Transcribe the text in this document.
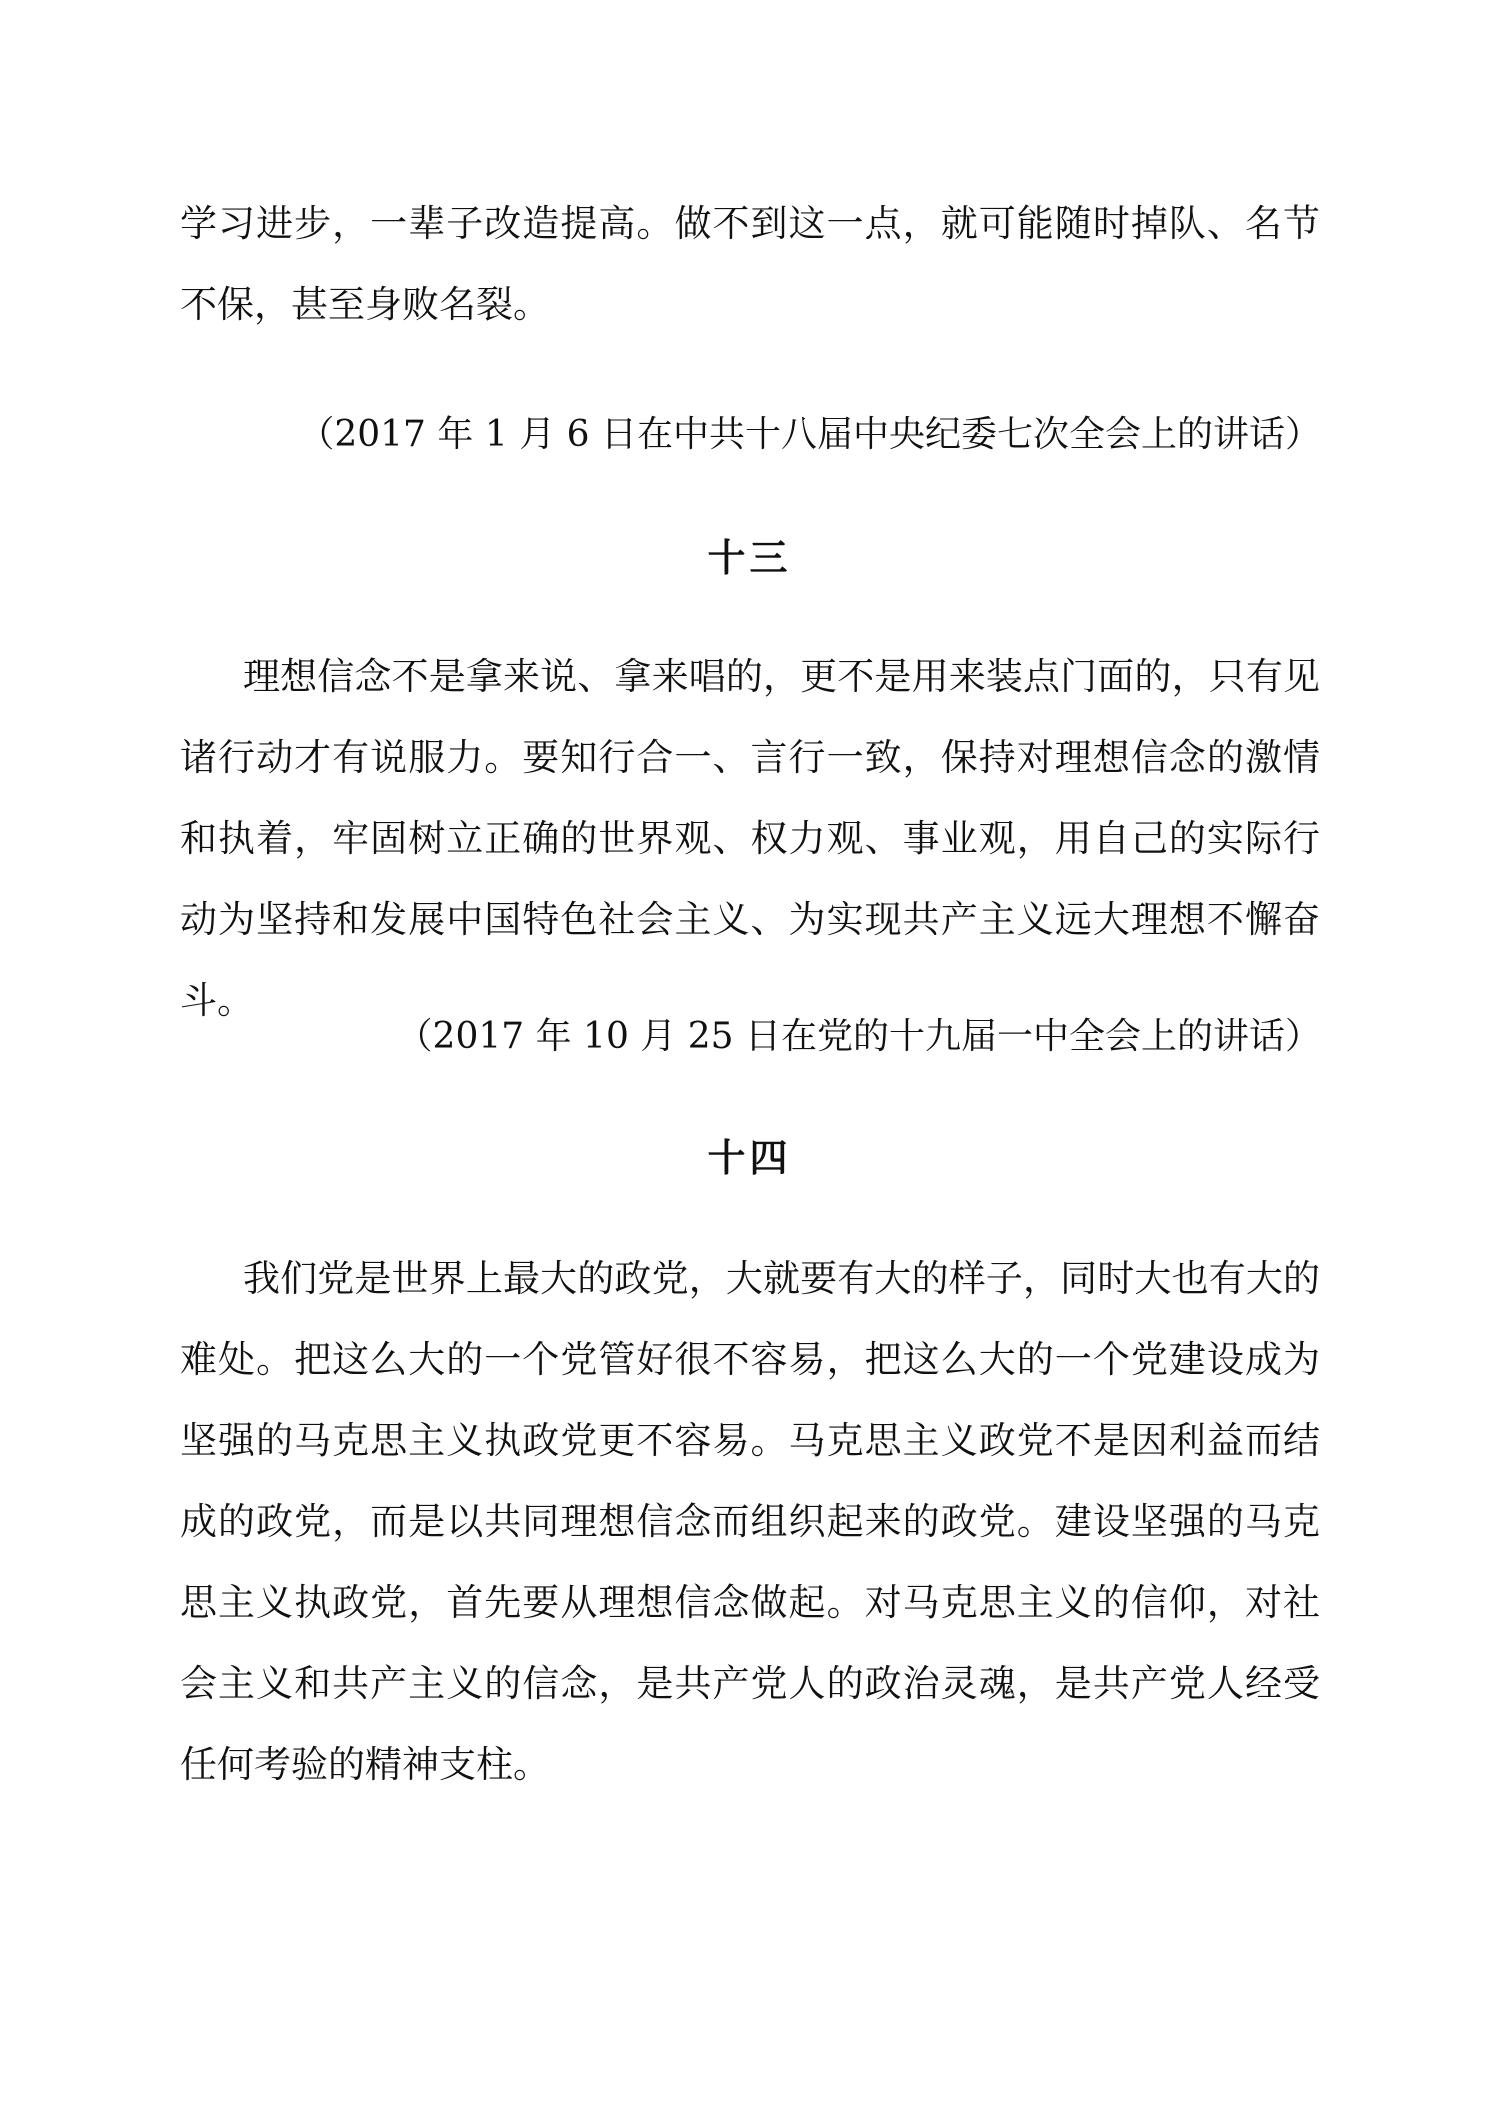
学习进步，一辈子改造提高。做不到这一点，就可能随时掉队、名节不保，甚至身败名裂。

（2017 年 1 月 6 日在中共十八届中央纪委七次全会上的讲话）
十三

理想信念不是拿来说、拿来唱的，更不是用来装点门面的，只有见诸行动才有说服力。要知行合一、言行一致，保持对理想信念的激情和执着，牢固树立正确的世界观、权力观、事业观，用自己的实际行动为坚持和发展中国特色社会主义、为实现共产主义远大理想不懈奋斗。

（2017 年 10 月 25 日在党的十九届一中全会上的讲话）
十四

我们党是世界上最大的政党，大就要有大的样子，同时大也有大的难处。把这么大的一个党管好很不容易，把这么大的一个党建设成为坚强的马克思主义执政党更不容易。马克思主义政党不是因利益而结成的政党，而是以共同理想信念而组织起来的政党。建设坚强的马克思主义执政党，首先要从理想信念做起。对马克思主义的信仰，对社会主义和共产主义的信念，是共产党人的政治灵魂，是共产党人经受任何考验的精神支柱。
